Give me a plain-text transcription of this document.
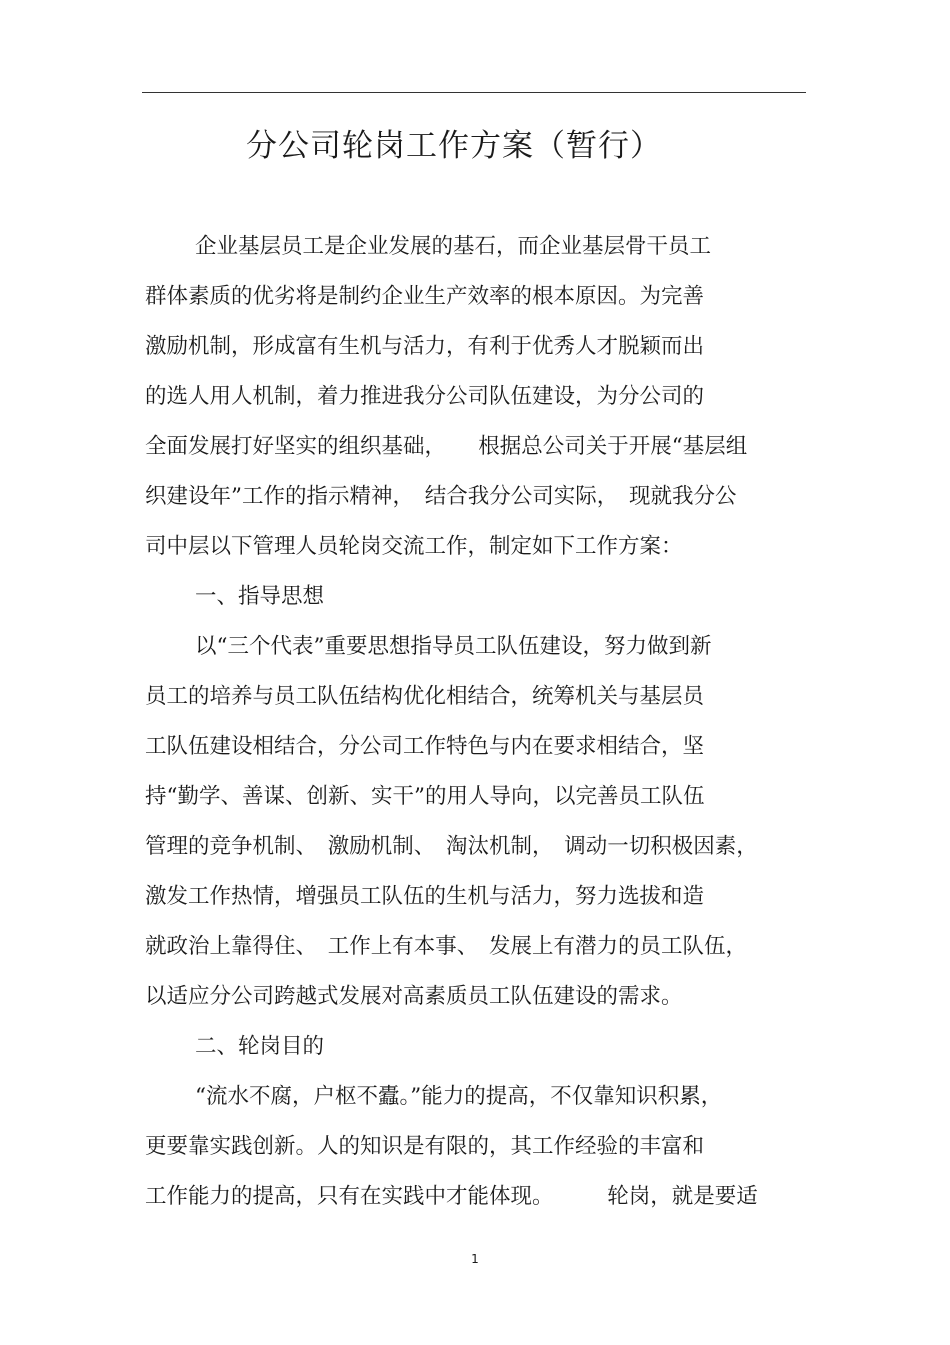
分公司轮岗工作方案（暂行）
企业基层员工是企业发展的基石，而企业基层骨干员工
群体素质的优劣将是制约企业生产效率的根本原因。为完善
激励机制，形成富有生机与活力，有利于优秀人才脱颖而出
的选人用人机制，着力推进我分公司队伍建设，为分公司的
全面发展打好坚实的组织基础，　　根据总公司关于开展“基层组
织建设年”工作的指示精神，　结合我分公司实际，　现就我分公
司中层以下管理人员轮岗交流工作，制定如下工作方案：
一、指导思想
以“三个代表”重要思想指导员工队伍建设，努力做到新
员工的培养与员工队伍结构优化相结合，统筹机关与基层员
工队伍建设相结合，分公司工作特色与内在要求相结合，坚
持“勤学、善谋、创新、实干”的用人导向，以完善员工队伍
管理的竞争机制、　激励机制、　淘汰机制，　调动一切积极因素，
激发工作热情，增强员工队伍的生机与活力，努力选拔和造
就政治上靠得住、　工作上有本事、　发展上有潜力的员工队伍，
以适应分公司跨越式发展对高素质员工队伍建设的需求。
二、轮岗目的
“流水不腐，户枢不蠹。”能力的提高，不仅靠知识积累，
更要靠实践创新。人的知识是有限的，其工作经验的丰富和
工作能力的提高，只有在实践中才能体现。　　　轮岗，就是要适
1
